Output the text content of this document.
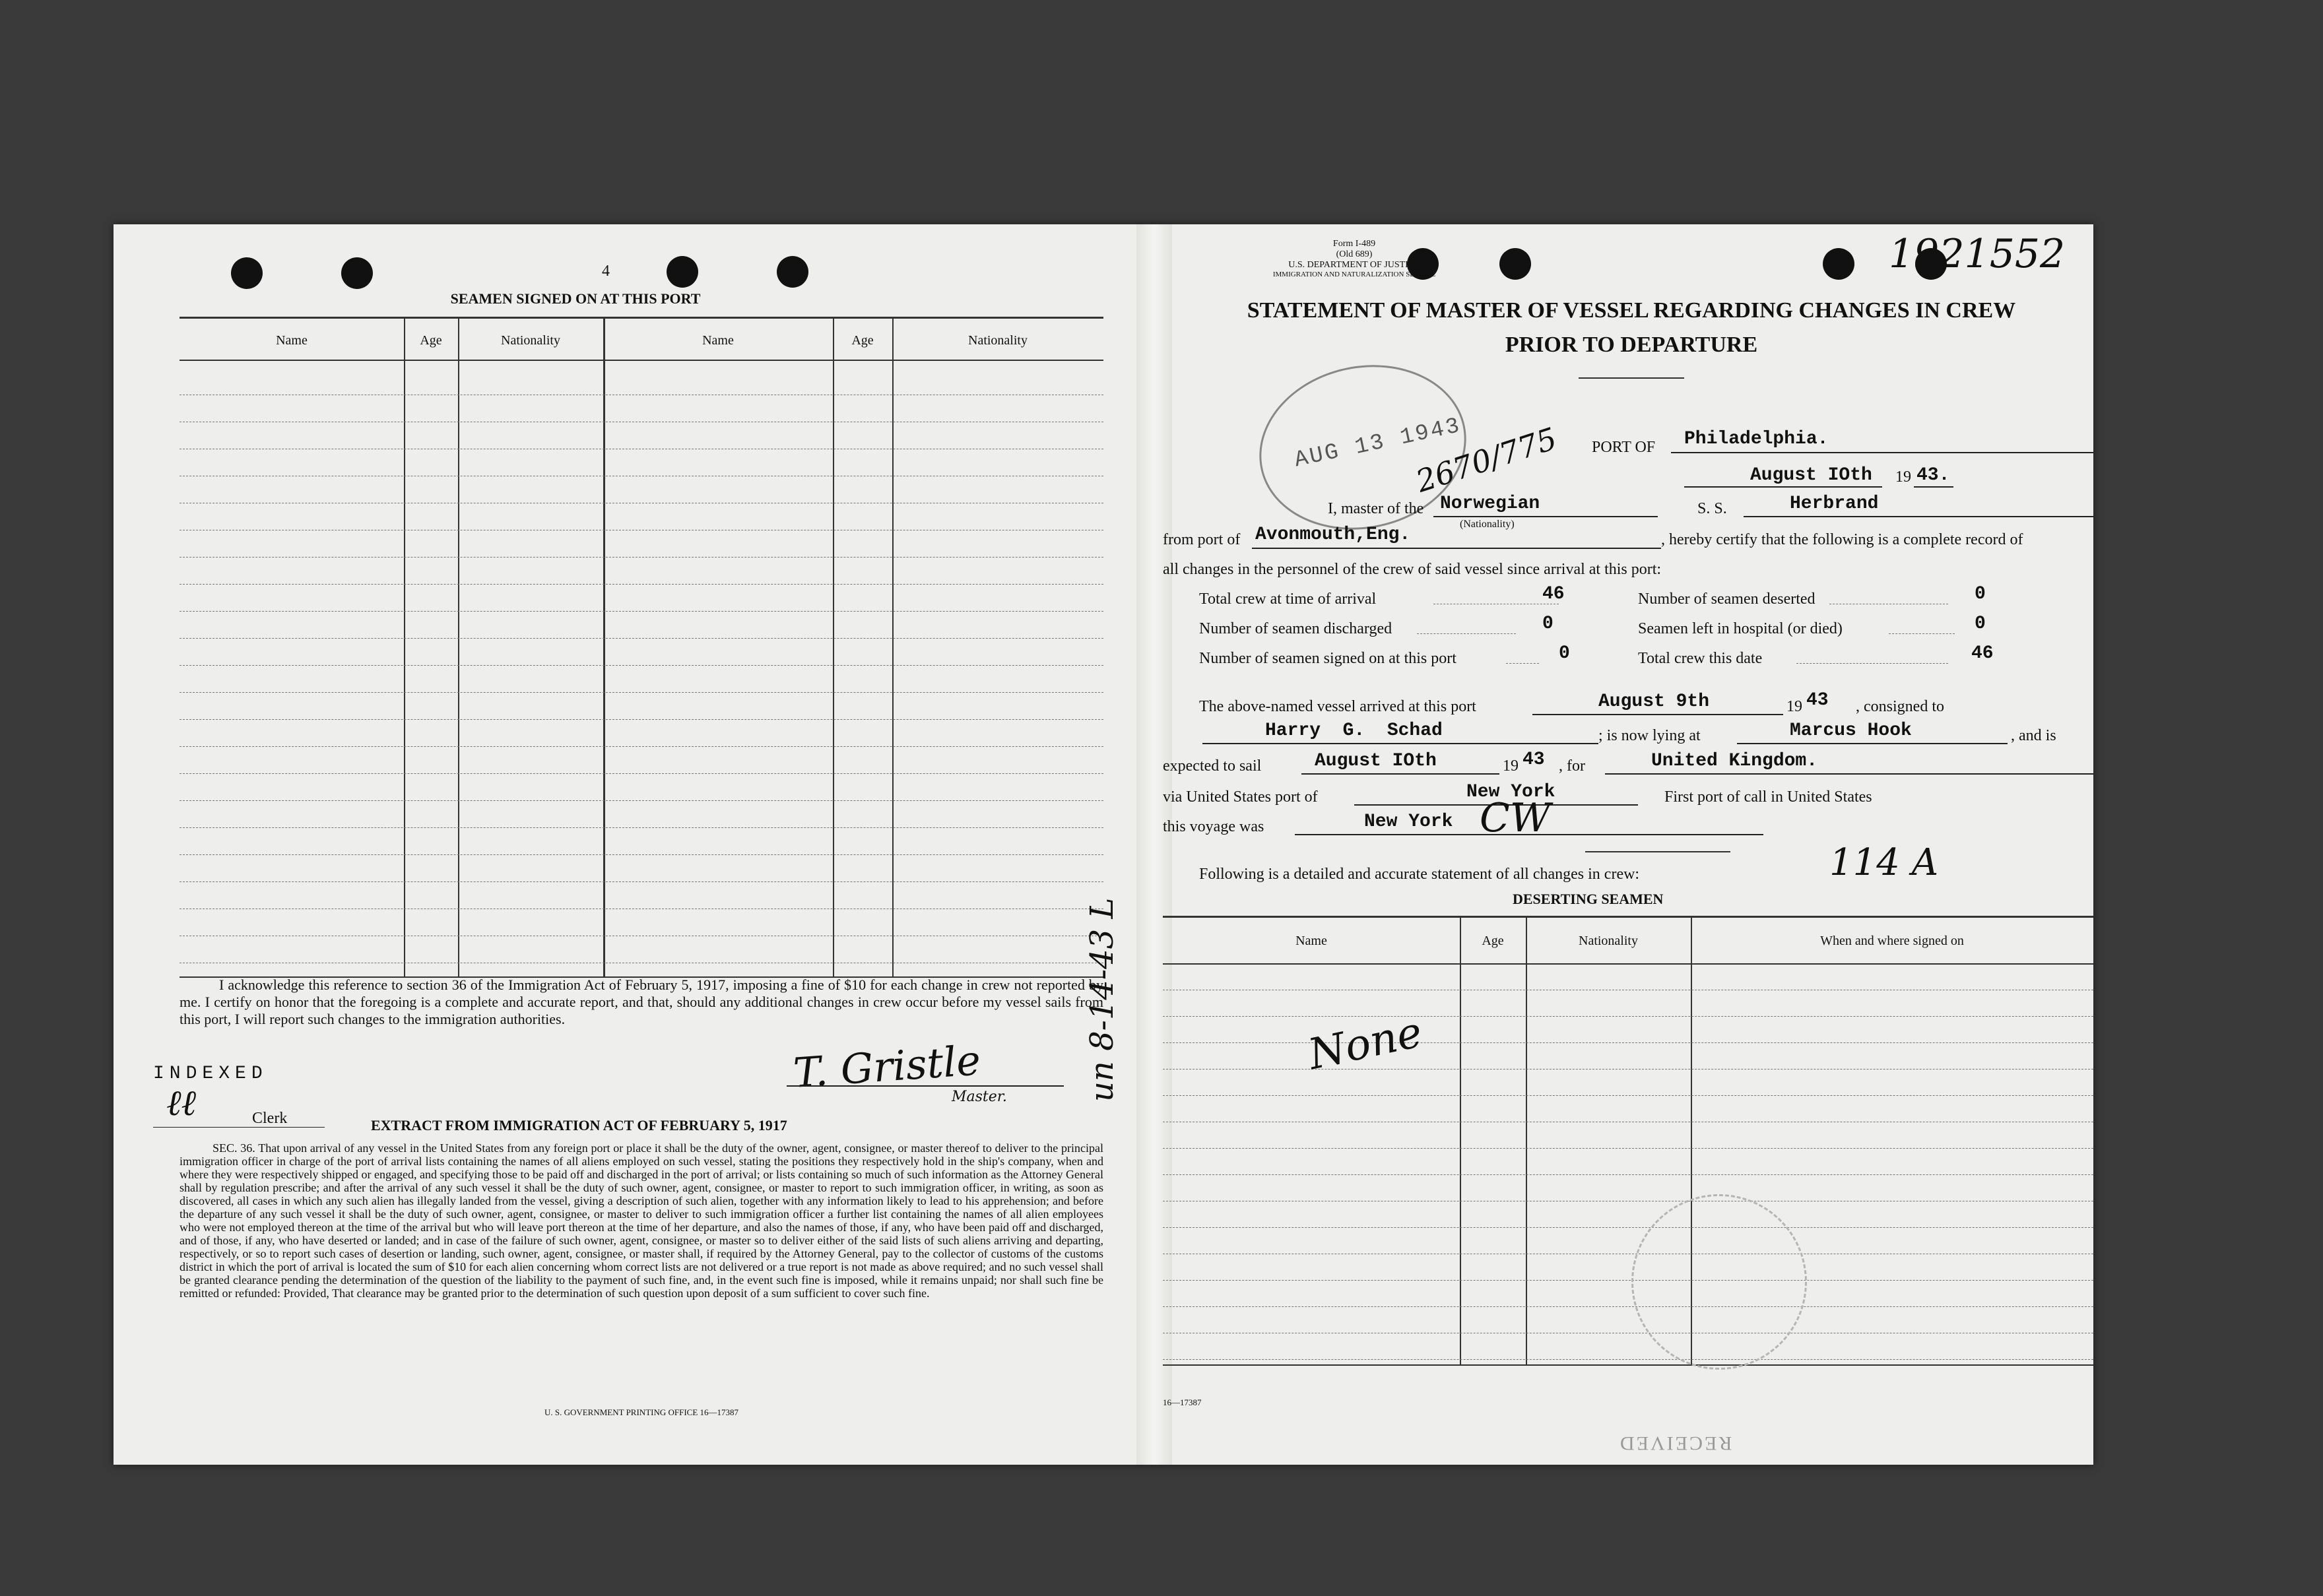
4
SEAMEN SIGNED ON AT THIS PORT
Name	Age	Nationality	Name	Age	Nationality
I acknowledge this reference to section 36 of the Immigration Act of February 5, 1917, imposing a fine of $10 for each change in crew not reported by me. I certify on honor that the foregoing is a complete and accurate report, and that, should any additional changes in crew occur before my vessel sails from this port, I will report such changes to the immigration authorities.
INDEXED
ℓℓ	Clerk
T. Gristle
Master.
EXTRACT FROM IMMIGRATION ACT OF FEBRUARY 5, 1917
SEC. 36. That upon arrival of any vessel in the United States from any foreign port or place it shall be the duty of the owner, agent, consignee, or master thereof to deliver to the principal immigration officer in charge of the port of arrival lists containing the names of all aliens employed on such vessel, stating the positions they respectively hold in the ship's company, when and where they were respectively shipped or engaged, and specifying those to be paid off and discharged in the port of arrival; or lists containing so much of such information as the Attorney General shall by regulation prescribe; and after the arrival of any such vessel it shall be the duty of such owner, agent, consignee, or master to report to such immigration officer, in writing, as soon as discovered, all cases in which any such alien has illegally landed from the vessel, giving a description of such alien, together with any information likely to lead to his apprehension; and before the departure of any such vessel it shall be the duty of such owner, agent, consignee, or master to deliver to such immigration officer a further list containing the names of all alien employees who were not employed thereon at the time of the arrival but who will leave port thereon at the time of her departure, and also the names of those, if any, who have been paid off and discharged, and of those, if any, who have deserted or landed; and in case of the failure of such owner, agent, consignee, or master so to deliver either of the said lists of such aliens arriving and departing, respectively, or so to report such cases of desertion or landing, such owner, agent, consignee, or master shall, if required by the Attorney General, pay to the collector of customs of the customs district in which the port of arrival is located the sum of $10 for each alien concerning whom correct lists are not delivered or a true report is not made as above required; and no such vessel shall be granted clearance pending the determination of the question of the liability to the payment of such fine, and, in the event such fine is imposed, while it remains unpaid; nor shall such fine be remitted or refunded: Provided, That clearance may be granted prior to the determination of such question upon deposit of a sum sufficient to cover such fine.
U. S. GOVERNMENT PRINTING OFFICE 16—17387
un 8-14-43 L
Form I-489
(Old 689)
U.S. DEPARTMENT OF JUSTICE
IMMIGRATION AND NATURALIZATION SERVICE	1921552
STATEMENT OF MASTER OF VESSEL REGARDING CHANGES IN CREW
PRIOR TO DEPARTURE
AUG 13 1943
2670/775 PORT OF Philadelphia.
August IOth 19 43.
I, master of the Norwegian
(Nationality)
S. S.	Herbrand
from port of Avonmouth,Eng.	, hereby certify that the following is a complete record of
all changes in the personnel of the crew of said vessel since arrival at this port:
Total crew at time of arrival	46	Number of seamen deserted	0
Number of seamen discharged	0	Seamen left in hospital (or died)	0
Number of seamen signed on at this port	0	Total crew this date	46
The above-named vessel arrived at this port	August 9th	19 43 , consigned to
Harry  G.  Schad	; is now lying at	Marcus Hook	, and is
expected to sail	August IOth	19 43 , for	United Kingdom.
via United States port of	New York	First port of call in United States
this voyage was	New York CW
Following is a detailed and accurate statement of all changes in crew:	114 A
DESERTING SEAMEN
Name	Age	Nationality	When and where signed on
None
16—17387
RECEIVED
